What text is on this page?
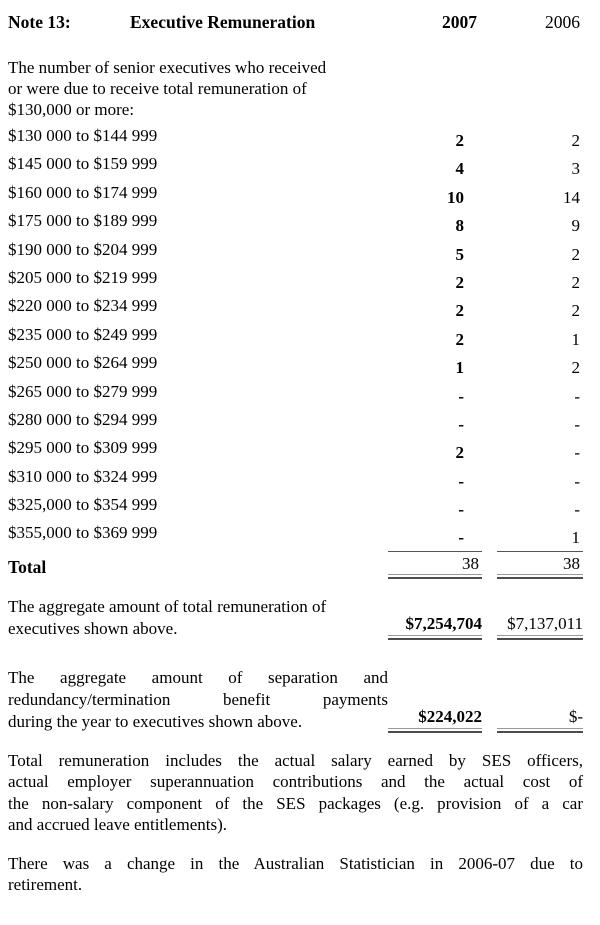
Note 13:	Executive Remuneration	2007	2006
The number of senior executives who received
or were due to receive total remuneration of
$130,000 or more:
$130 000 to $144 999	2	2
$145 000 to $159 999	4	3
$160 000 to $174 999	10	14
$175 000 to $189 999	8	9
$190 000 to $204 999	5	2
$205 000 to $219 999	2	2
$220 000 to $234 999	2	2
$235 000 to $249 999	2	1
$250 000 to $264 999	1	2
$265 000 to $279 999	-	-
$280 000 to $294 999	-	-
$295 000 to $309 999	2	-
$310 000 to $324 999	-	-
$325,000 to $354 999	-	-
$355,000 to $369 999	-	1
Total	38	38
The aggregate amount of total remuneration of
executives shown above.	$7,254,704	$7,137,011
The aggregate amount of separation and
redundancy/termination benefit payments
during the year to executives shown above.	$224,022	$-
Total remuneration includes the actual salary earned by SES officers,
actual employer superannuation contributions and the actual cost of
the non-salary component of the SES packages (e.g. provision of a car
and accrued leave entitlements).
There was a change in the Australian Statistician in 2006-07 due to
retirement.
